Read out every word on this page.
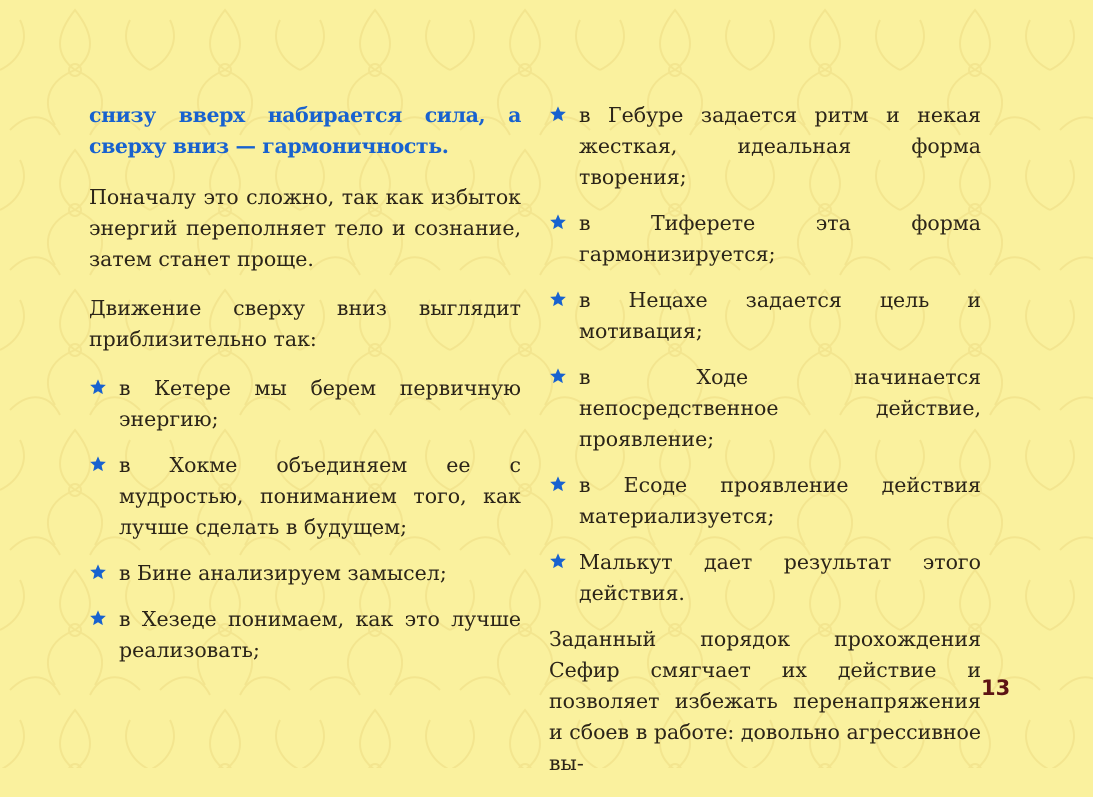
снизу вверх набирается сила, а сверху вниз — гармоничность.

Поначалу это сложно, так как избыток энергий переполняет тело и сознание, затем станет проще.

Движение сверху вниз выглядит приблизительно так:

в Кетере мы берем первичную энергию;
в Хокме объединяем ее с мудростью, пониманием того, как лучше сделать в будущем;
в Бине анализируем замысел;
в Хезеде понимаем, как это лучше реализовать;
в Гебуре задается ритм и некая жесткая, идеальная форма творения;
в Тиферете эта форма гармонизируется;
в Нецахе задается цель и мотивация;
в Ходе начинается непосредственное действие, проявление;
в Есоде проявление действия материализуется;
Малькут дает результат этого действия.

Заданный порядок прохождения Сефир смягчает их действие и позволяет избежать перенапряжения и сбоев в работе: довольно агрессивное вы-

13
